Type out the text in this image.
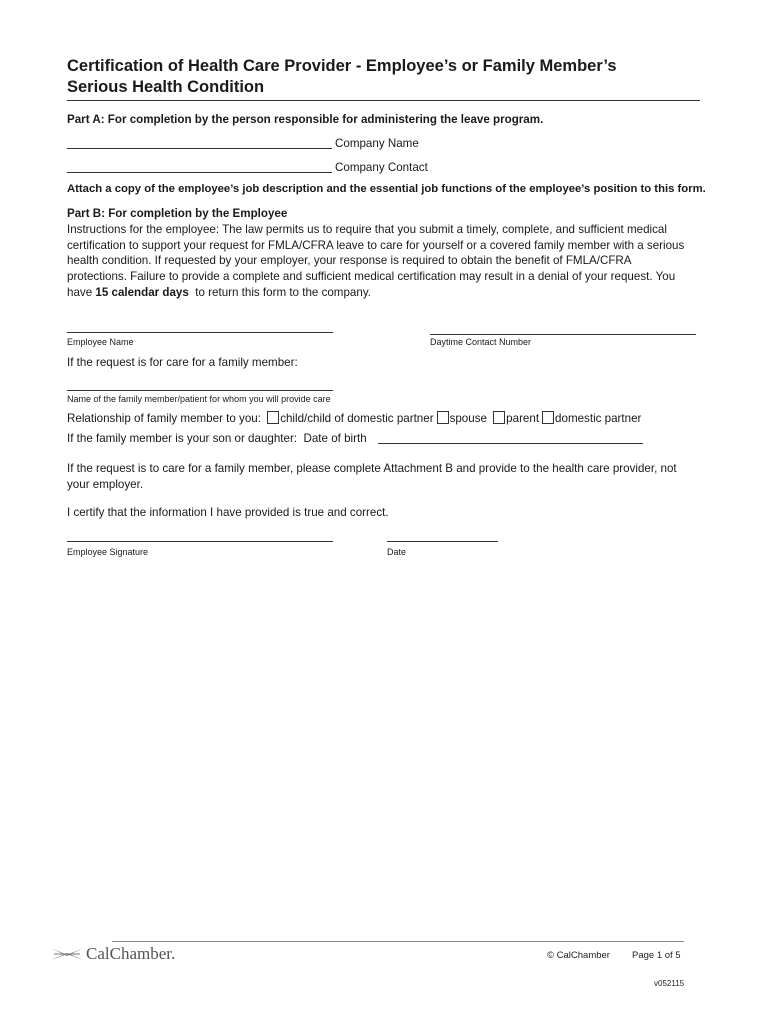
Certification of Health Care Provider - Employee’s or Family Member’s
Serious Health Condition
Part A: For completion by the person responsible for administering the leave program.
Company Name
Company Contact
Attach a copy of the employee’s job description and the essential job functions of the employee’s position to this form.
Part B: For completion by the Employee
Instructions for the employee: The law permits us to require that you submit a timely, complete, and sufficient medical
certification to support your request for FMLA/CFRA leave to care for yourself or a covered family member with a serious
health condition. If requested by your employer, your response is required to obtain the benefit of FMLA/CFRA
protections. Failure to provide a complete and sufficient medical certification may result in a denial of your request. You
have 15 calendar days  to return this form to the company.
Employee Name	Daytime Contact Number
If the request is for care for a family member:
Name of the family member/patient for whom you will provide care
Relationship of family member to you: child/child of domestic partner spouse parent domestic partner
If the family member is your son or daughter:  Date of birth
If the request is to care for a family member, please complete Attachment B and provide to the health care provider, not
your employer.
I certify that the information I have provided is true and correct.
Employee Signature	Date
CalChamber.	© CalChamber Page 1 of 5
v052115
